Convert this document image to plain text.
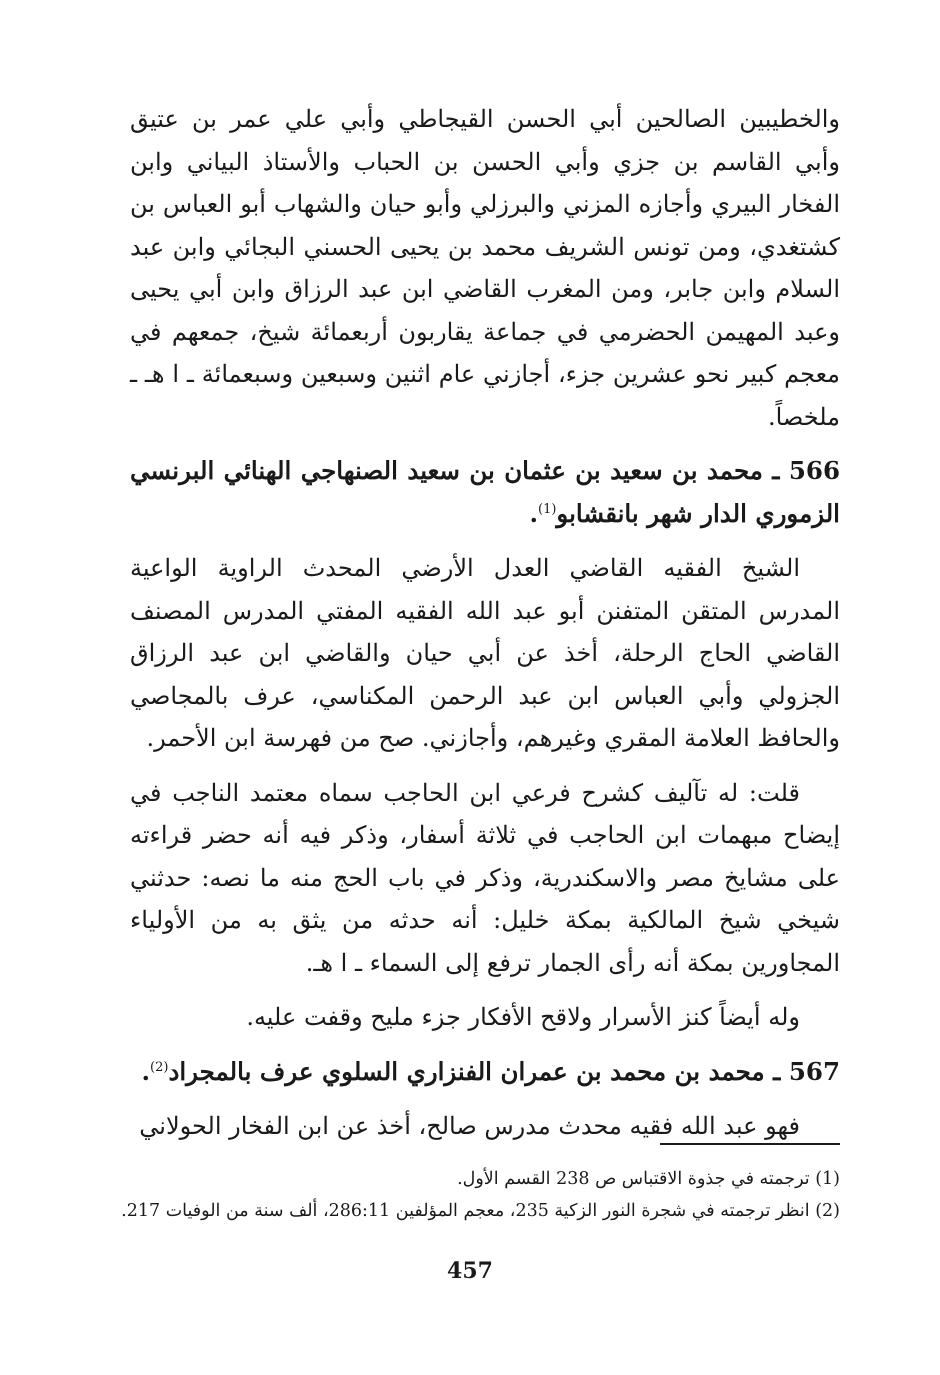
والخطيبين الصالحين أبي الحسن القيجاطي وأبي علي عمر بن عتيق وأبي القاسم بن جزي وأبي الحسن بن الحباب والأستاذ البياني وابن الفخار البيري وأجازه المزني والبرزلي وأبو حيان والشهاب أبو العباس بن كشتغدي، ومن تونس الشريف محمد بن يحيى الحسني البجائي وابن عبد السلام وابن جابر، ومن المغرب القاضي ابن عبد الرزاق وابن أبي يحيى وعبد المهيمن الحضرمي في جماعة يقاربون أربعمائة شيخ، جمعهم في معجم كبير نحو عشرين جزء، أجازني عام اثنين وسبعين وسبعمائة ـ ا هـ ـ ملخصاً.

566 ـ محمد بن سعيد بن عثمان بن سعيد الصنهاجي الهنائي البرنسي الزموري الدار شهر بانقشابو$^{(1)}$.

الشيخ الفقيه القاضي العدل الأرضي المحدث الراوية الواعية المدرس المتقن المتفنن أبو عبد الله الفقيه المفتي المدرس المصنف القاضي الحاج الرحلة، أخذ عن أبي حيان والقاضي ابن عبد الرزاق الجزولي وأبي العباس ابن عبد الرحمن المكناسي، عرف بالمجاصي والحافظ العلامة المقري وغيرهم، وأجازني. صح من فهرسة ابن الأحمر.

قلت: له تآليف كشرح فرعي ابن الحاجب سماه معتمد الناجب في إيضاح مبهمات ابن الحاجب في ثلاثة أسفار، وذكر فيه أنه حضر قراءته على مشايخ مصر والاسكندرية، وذكر في باب الحج منه ما نصه: حدثني شيخي شيخ المالكية بمكة خليل: أنه حدثه من يثق به من الأولياء المجاورين بمكة أنه رأى الجمار ترفع إلى السماء ـ ا هـ.

وله أيضاً كنز الأسرار ولاقح الأفكار جزء مليح وقفت عليه.

567 ـ محمد بن محمد بن عمران الفنزاري السلوي عرف بالمجراد$^{(2)}$.

فهو عبد الله فقيه محدث مدرس صالح، أخذ عن ابن الفخار الحولاني

(1) ترجمته في جذوة الاقتباس ص 238 القسم الأول.
(2) انظر ترجمته في شجرة النور الزكية 235، معجم المؤلفين 286:11، ألف سنة من الوفيات 217.
457
